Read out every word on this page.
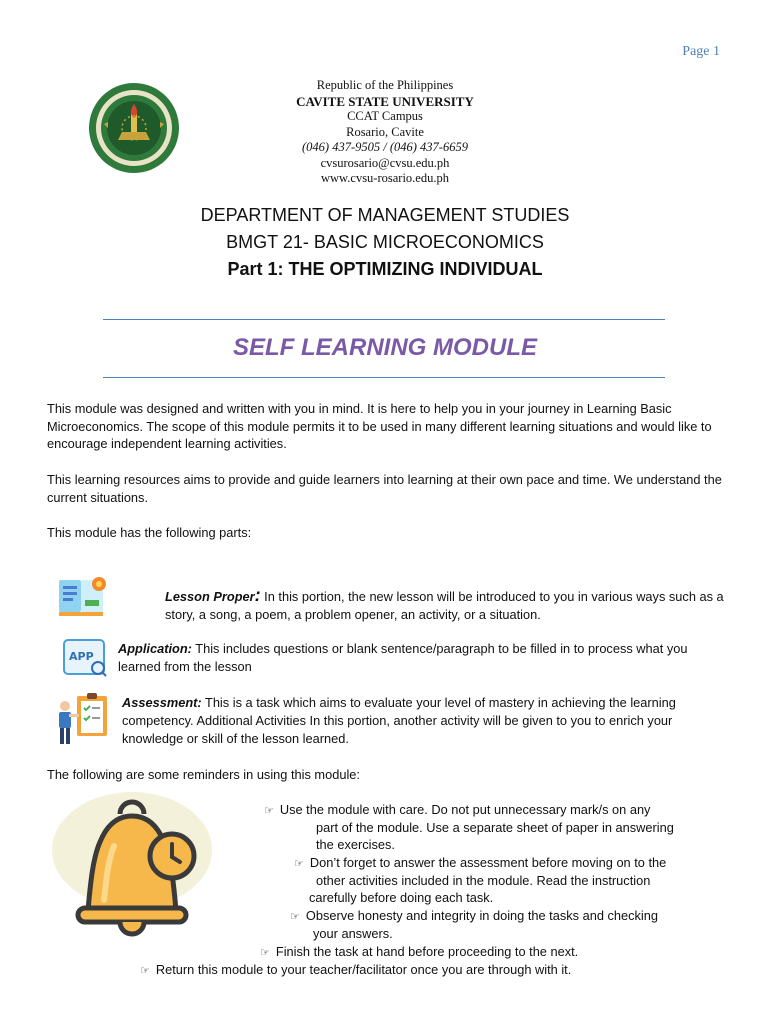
Page 1
Republic of the Philippines
CAVITE STATE UNIVERSITY
CCAT Campus
Rosario, Cavite
(046) 437-9505 / (046) 437-6659
cvsurosario@cvsu.edu.ph
www.cvsu-rosario.edu.ph
DEPARTMENT OF MANAGEMENT STUDIES
BMGT 21- BASIC MICROECONOMICS
Part 1: THE OPTIMIZING INDIVIDUAL
SELF LEARNING MODULE
This module was designed and written with you in mind. It is here to help you in your journey in Learning Basic Microeconomics. The scope of this module permits it to be used in many different learning situations and would like to encourage independent learning activities.
This learning resources aims to provide and guide learners into learning at their own pace and time. We understand the current situations.
This module has the following parts:
Lesson Proper: In this portion, the new lesson will be introduced to you in various ways such as a story, a song, a poem, a problem opener, an activity, or a situation.
APP
Application: This includes questions or blank sentence/paragraph to be filled in to process what you learned from the lesson
Assessment: This is a task which aims to evaluate your level of mastery in achieving the learning competency. Additional Activities In this portion, another activity will be given to you to enrich your knowledge or skill of the lesson learned.
The following are some reminders in using this module:
☞ Use the module with care. Do not put unnecessary mark/s on any
part of the module. Use a separate sheet of paper in answering
the exercises.
☞ Don’t forget to answer the assessment before moving on to the
other activities included in the module. Read the instruction
carefully before doing each task.
☞ Observe honesty and integrity in doing the tasks and checking
your answers.
☞ Finish the task at hand before proceeding to the next.
☞ Return this module to your teacher/facilitator once you are through with it.
